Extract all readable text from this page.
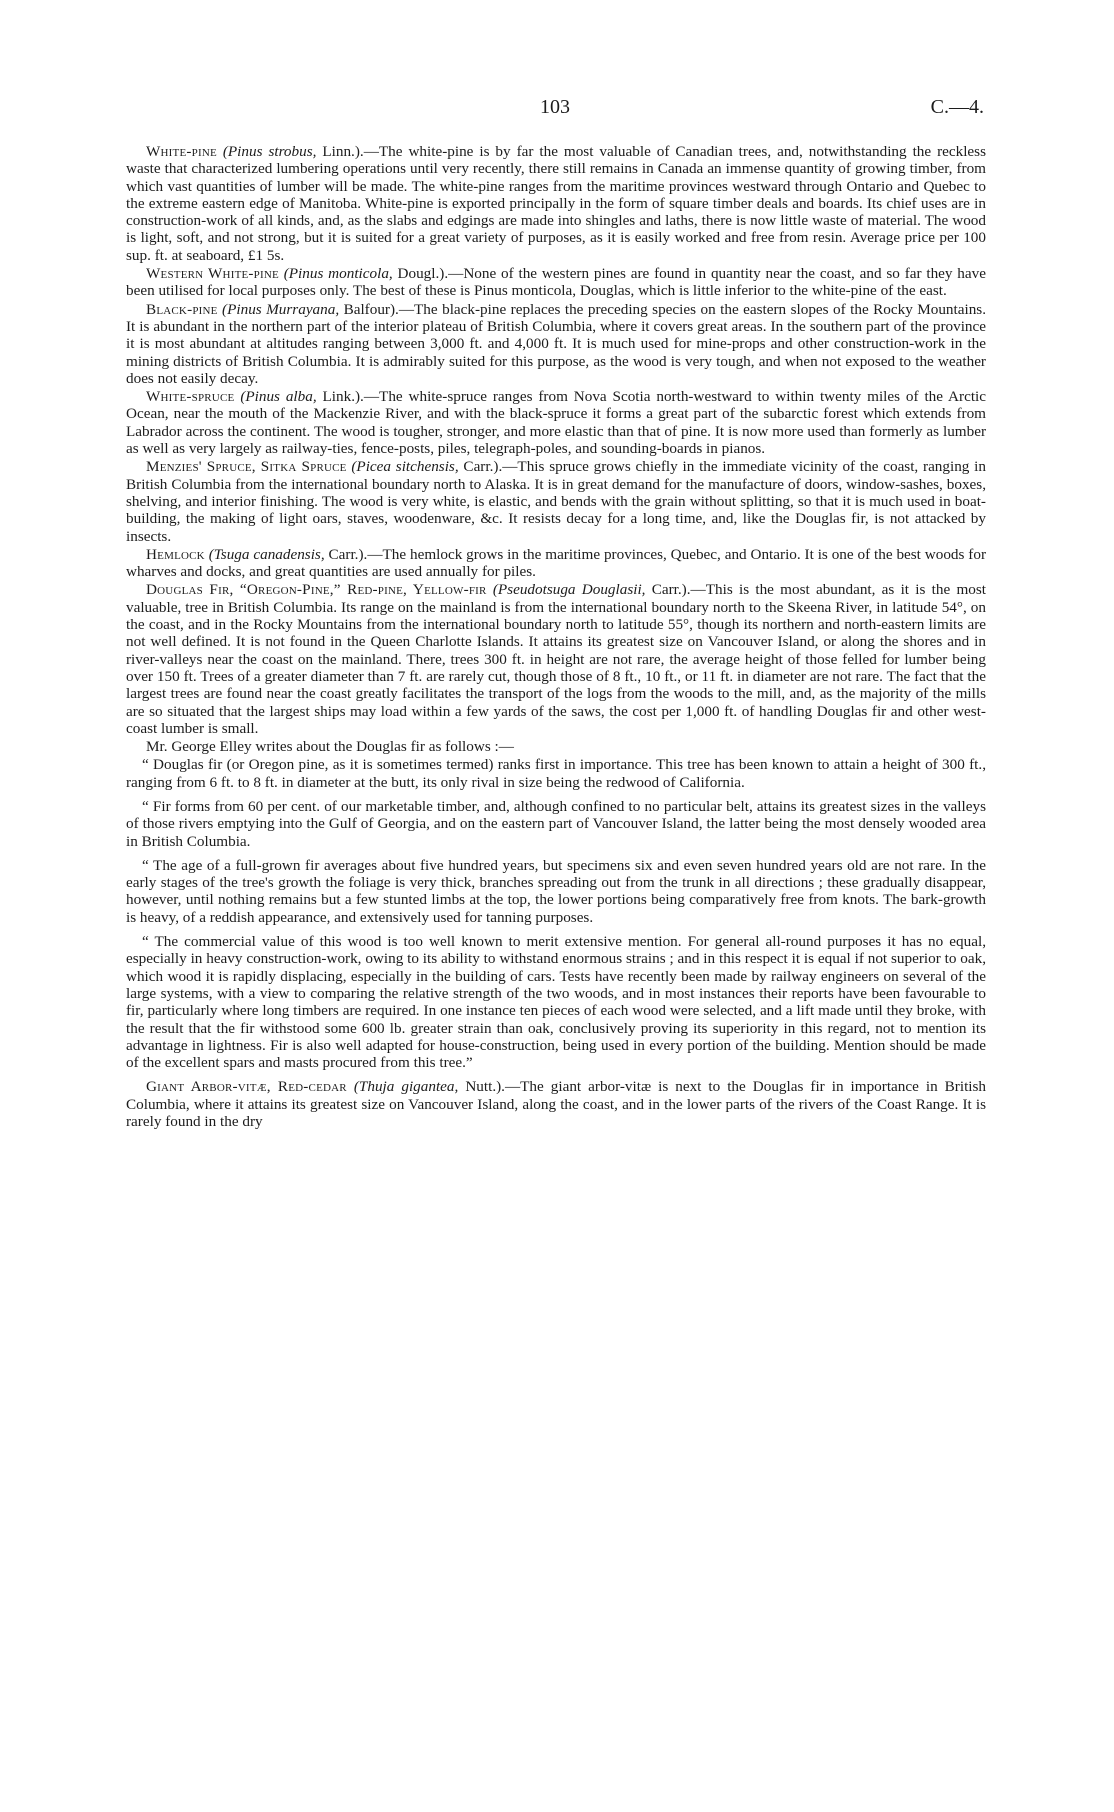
103	C.—4.

White-pine (Pinus strobus, Linn.).—The white-pine is by far the most valuable of Canadian trees, and, notwithstanding the reckless waste that characterized lumbering operations until very recently, there still remains in Canada an immense quantity of growing timber, from which vast quantities of lumber will be made. The white-pine ranges from the maritime provinces westward through Ontario and Quebec to the extreme eastern edge of Manitoba. White-pine is exported principally in the form of square timber deals and boards. Its chief uses are in construction-work of all kinds, and, as the slabs and edgings are made into shingles and laths, there is now little waste of material. The wood is light, soft, and not strong, but it is suited for a great variety of purposes, as it is easily worked and free from resin. Average price per 100 sup. ft. at seaboard, £1 5s.

Western White-pine (Pinus monticola, Dougl.).—None of the western pines are found in quantity near the coast, and so far they have been utilised for local purposes only. The best of these is Pinus monticola, Douglas, which is little inferior to the white-pine of the east.

Black-pine (Pinus Murrayana, Balfour).—The black-pine replaces the preceding species on the eastern slopes of the Rocky Mountains. It is abundant in the northern part of the interior plateau of British Columbia, where it covers great areas. In the southern part of the province it is most abundant at altitudes ranging between 3,000 ft. and 4,000 ft. It is much used for mine-props and other construction-work in the mining districts of British Columbia. It is admirably suited for this purpose, as the wood is very tough, and when not exposed to the weather does not easily decay.

White-spruce (Pinus alba, Link.).—The white-spruce ranges from Nova Scotia north-westward to within twenty miles of the Arctic Ocean, near the mouth of the Mackenzie River, and with the black-spruce it forms a great part of the subarctic forest which extends from Labrador across the continent. The wood is tougher, stronger, and more elastic than that of pine. It is now more used than formerly as lumber as well as very largely as railway-ties, fence-posts, piles, telegraph-poles, and sounding-boards in pianos.

Menzies' Spruce, Sitka Spruce (Picea sitchensis, Carr.).—This spruce grows chiefly in the immediate vicinity of the coast, ranging in British Columbia from the international boundary north to Alaska. It is in great demand for the manufacture of doors, window-sashes, boxes, shelving, and interior finishing. The wood is very white, is elastic, and bends with the grain without splitting, so that it is much used in boat-building, the making of light oars, staves, woodenware, &c. It resists decay for a long time, and, like the Douglas fir, is not attacked by insects.

Hemlock (Tsuga canadensis, Carr.).—The hemlock grows in the maritime provinces, Quebec, and Ontario. It is one of the best woods for wharves and docks, and great quantities are used annually for piles.

Douglas Fir, “Oregon-Pine,” Red-pine, Yellow-fir (Pseudotsuga Douglasii, Carr.).—This is the most abundant, as it is the most valuable, tree in British Columbia. Its range on the mainland is from the international boundary north to the Skeena River, in latitude 54°, on the coast, and in the Rocky Mountains from the international boundary north to latitude 55°, though its northern and north-eastern limits are not well defined. It is not found in the Queen Charlotte Islands. It attains its greatest size on Vancouver Island, or along the shores and in river-valleys near the coast on the mainland. There, trees 300 ft. in height are not rare, the average height of those felled for lumber being over 150 ft. Trees of a greater diameter than 7 ft. are rarely cut, though those of 8 ft., 10 ft., or 11 ft. in diameter are not rare. The fact that the largest trees are found near the coast greatly facilitates the transport of the logs from the woods to the mill, and, as the majority of the mills are so situated that the largest ships may load within a few yards of the saws, the cost per 1,000 ft. of handling Douglas fir and other west-coast lumber is small.

Mr. George Elley writes about the Douglas fir as follows :—

“ Douglas fir (or Oregon pine, as it is sometimes termed) ranks first in importance. This tree has been known to attain a height of 300 ft., ranging from 6 ft. to 8 ft. in diameter at the butt, its only rival in size being the redwood of California.

“ Fir forms from 60 per cent. of our marketable timber, and, although confined to no particular belt, attains its greatest sizes in the valleys of those rivers emptying into the Gulf of Georgia, and on the eastern part of Vancouver Island, the latter being the most densely wooded area in British Columbia.

“ The age of a full-grown fir averages about five hundred years, but specimens six and even seven hundred years old are not rare. In the early stages of the tree's growth the foliage is very thick, branches spreading out from the trunk in all directions ; these gradually disappear, however, until nothing remains but a few stunted limbs at the top, the lower portions being comparatively free from knots. The bark-growth is heavy, of a reddish appearance, and extensively used for tanning purposes.

“ The commercial value of this wood is too well known to merit extensive mention. For general all-round purposes it has no equal, especially in heavy construction-work, owing to its ability to withstand enormous strains ; and in this respect it is equal if not superior to oak, which wood it is rapidly displacing, especially in the building of cars. Tests have recently been made by railway engineers on several of the large systems, with a view to comparing the relative strength of the two woods, and in most instances their reports have been favourable to fir, particularly where long timbers are required. In one instance ten pieces of each wood were selected, and a lift made until they broke, with the result that the fir withstood some 600 lb. greater strain than oak, conclusively proving its superiority in this regard, not to mention its advantage in lightness. Fir is also well adapted for house-construction, being used in every portion of the building. Mention should be made of the excellent spars and masts procured from this tree.”

Giant Arbor-vitæ, Red-cedar (Thuja gigantea, Nutt.).—The giant arbor-vitæ is next to the Douglas fir in importance in British Columbia, where it attains its greatest size on Vancouver Island, along the coast, and in the lower parts of the rivers of the Coast Range. It is rarely found in the dry
